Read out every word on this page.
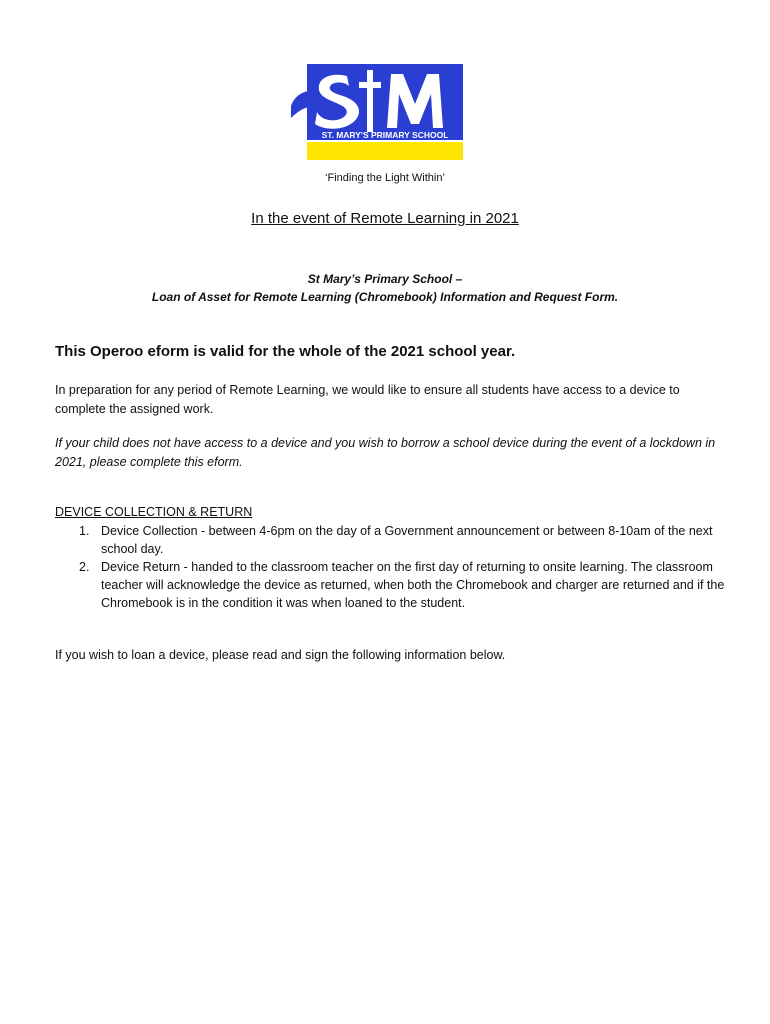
ST. MARY'S PRIMARY SCHOOL
‘Finding the Light Within’
In the event of Remote Learning in 2021
St Mary’s Primary School –
Loan of Asset for Remote Learning (Chromebook) Information and Request Form.
This Operoo eform is valid for the whole of the 2021 school year.
In preparation for any period of Remote Learning, we would like to ensure all students have access to a device to complete the assigned work.
If your child does not have access to a device and you wish to borrow a school device during the event of a lockdown in 2021, please complete this eform.
DEVICE COLLECTION & RETURN
1. Device Collection - between 4-6pm on the day of a Government announcement or between 8-10am of the next school day.
2. Device Return - handed to the classroom teacher on the first day of returning to onsite learning. The classroom teacher will acknowledge the device as returned, when both the Chromebook and charger are returned and if the Chromebook is in the condition it was when loaned to the student.
If you wish to loan a device, please read and sign the following information below.
